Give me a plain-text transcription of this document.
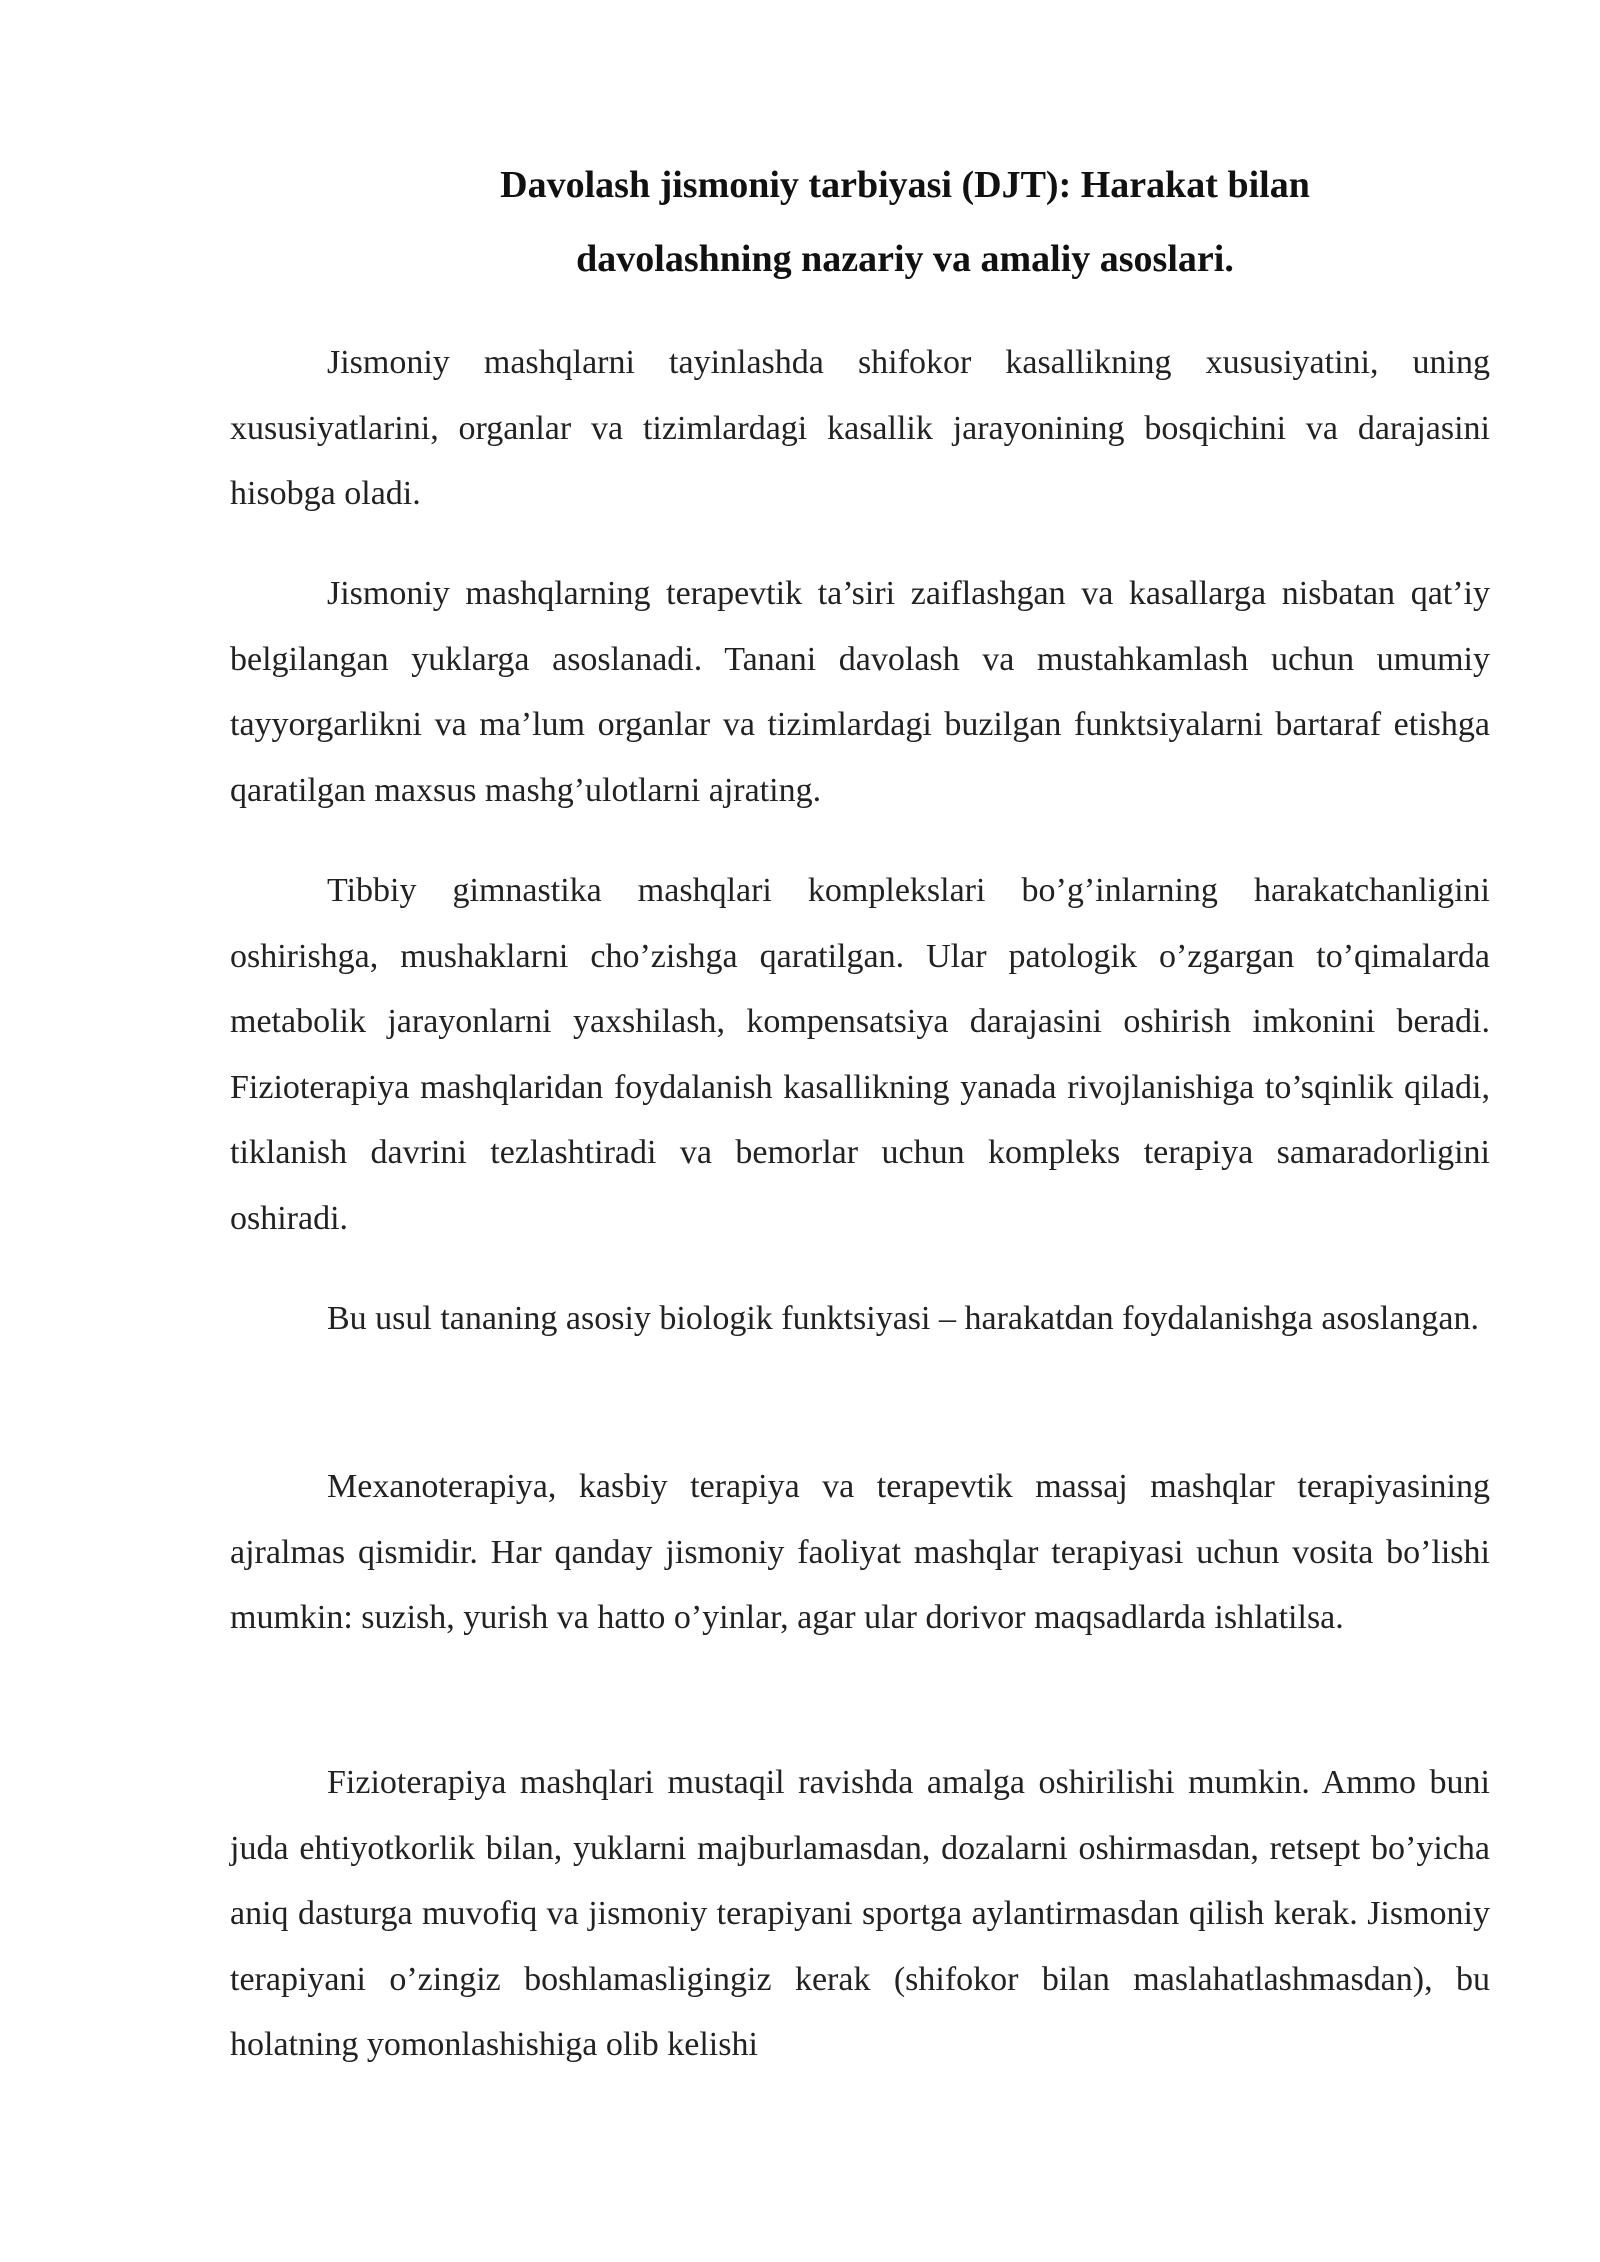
Davolash jismoniy tarbiyasi (DJT): Harakat bilan
davolashning nazariy va amaliy asoslari.

Jismoniy mashqlarni tayinlashda shifokor kasallikning xususiyatini, uning xususiyatlarini, organlar va tizimlardagi kasallik jarayonining bosqichini va darajasini hisobga oladi.

Jismoniy mashqlarning terapevtik ta’siri zaiflashgan va kasallarga nisbatan qat’iy belgilangan yuklarga asoslanadi. Tanani davolash va mustahkamlash uchun umumiy tayyorgarlikni va ma’lum organlar va tizimlardagi buzilgan funktsiyalarni bartaraf etishga qaratilgan maxsus mashg’ulotlarni ajrating.

Tibbiy gimnastika mashqlari komplekslari bo’g’inlarning harakatchanligini oshirishga, mushaklarni cho’zishga qaratilgan. Ular patologik o’zgargan to’qimalarda metabolik jarayonlarni yaxshilash, kompensatsiya darajasini oshirish imkonini beradi. Fizioterapiya mashqlaridan foydalanish kasallikning yanada rivojlanishiga to’sqinlik qiladi, tiklanish davrini tezlashtiradi va bemorlar uchun kompleks terapiya samaradorligini oshiradi.

Bu usul tananing asosiy biologik funktsiyasi – harakatdan foydalanishga asoslangan.

Mexanoterapiya, kasbiy terapiya va terapevtik massaj mashqlar terapiyasining ajralmas qismidir. Har qanday jismoniy faoliyat mashqlar terapiyasi uchun vosita bo’lishi mumkin: suzish, yurish va hatto o’yinlar, agar ular dorivor maqsadlarda ishlatilsa.

Fizioterapiya mashqlari mustaqil ravishda amalga oshirilishi mumkin. Ammo buni juda ehtiyotkorlik bilan, yuklarni majburlamasdan, dozalarni oshirmasdan, retsept bo’yicha aniq dasturga muvofiq va jismoniy terapiyani sportga aylantirmasdan qilish kerak. Jismoniy terapiyani o’zingiz boshlamasligingiz kerak (shifokor bilan maslahatlashmasdan), bu holatning yomonlashishiga olib kelishi
